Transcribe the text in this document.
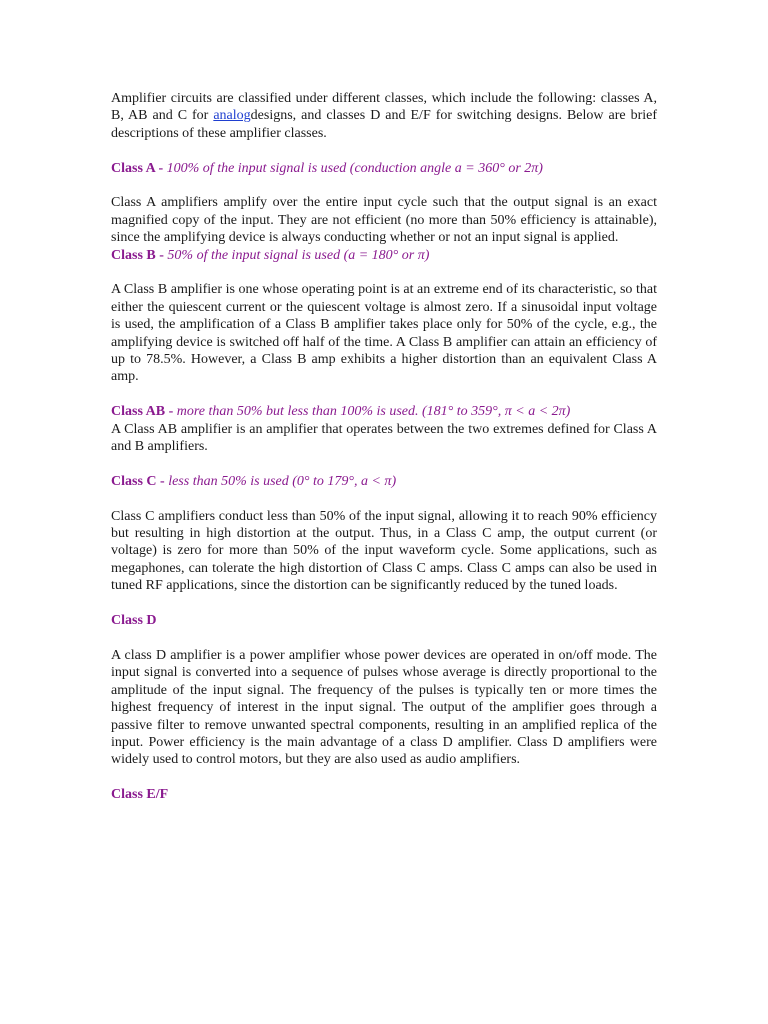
Amplifier circuits are classified under different classes, which include the following: classes A, B, AB and C for analogdesigns, and classes D and E/F for switching designs. Below are brief descriptions of these amplifier classes.

Class A - 100% of the input signal is used (conduction angle a = 360° or 2π)

Class A amplifiers amplify over the entire input cycle such that the output signal is an exact magnified copy of the input. They are not efficient (no more than 50% efficiency is attainable), since the amplifying device is always conducting whether or not an input signal is applied.

Class B - 50% of the input signal is used (a = 180° or π)

A Class B amplifier is one whose operating point is at an extreme end of its characteristic, so that either the quiescent current or the quiescent voltage is almost zero. If a sinusoidal input voltage is used, the amplification of a Class B amplifier takes place only for 50% of the cycle, e.g., the amplifying device is switched off half of the time. A Class B amplifier can attain an efficiency of up to 78.5%. However, a Class B amp exhibits a higher distortion than an equivalent Class A amp.

Class AB - more than 50% but less than 100% is used. (181° to 359°, π < a < 2π)

A Class AB amplifier is an amplifier that operates between the two extremes defined for Class A and B amplifiers.

Class C - less than 50% is used (0° to 179°, a < π)

Class C amplifiers conduct less than 50% of the input signal, allowing it to reach 90% efficiency but resulting in high distortion at the output. Thus, in a Class C amp, the output current (or voltage) is zero for more than 50% of the input waveform cycle. Some applications, such as megaphones, can tolerate the high distortion of Class C amps. Class C amps can also be used in tuned RF applications, since the distortion can be significantly reduced by the tuned loads.

Class D

A class D amplifier is a power amplifier whose power devices are operated in on/off mode. The input signal is converted into a sequence of pulses whose average is directly proportional to the amplitude of the input signal. The frequency of the pulses is typically ten or more times the highest frequency of interest in the input signal. The output of the amplifier goes through a passive filter to remove unwanted spectral components, resulting in an amplified replica of the input. Power efficiency is the main advantage of a class D amplifier. Class D amplifiers were widely used to control motors, but they are also used as audio amplifiers.

Class E/F
